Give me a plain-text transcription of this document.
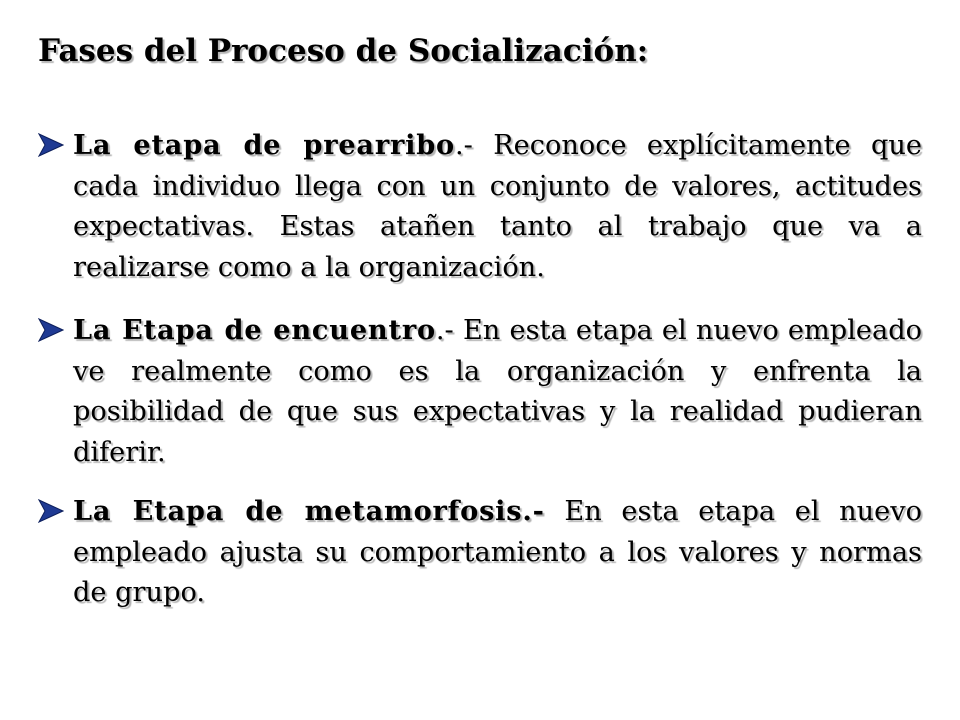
Fases del Proceso de Socialización:
La etapa de prearribo.- Reconoce explícitamente que cada individuo llega con un conjunto de valores, actitudes expectativas. Estas atañen tanto al trabajo que va a realizarse como a la organización.
La Etapa de encuentro.- En esta etapa el nuevo empleado ve realmente como es la organización y enfrenta la posibilidad de que sus expectativas y la realidad pudieran diferir.
La Etapa de metamorfosis.- En esta etapa el nuevo empleado ajusta su comportamiento a los valores y normas de grupo.
